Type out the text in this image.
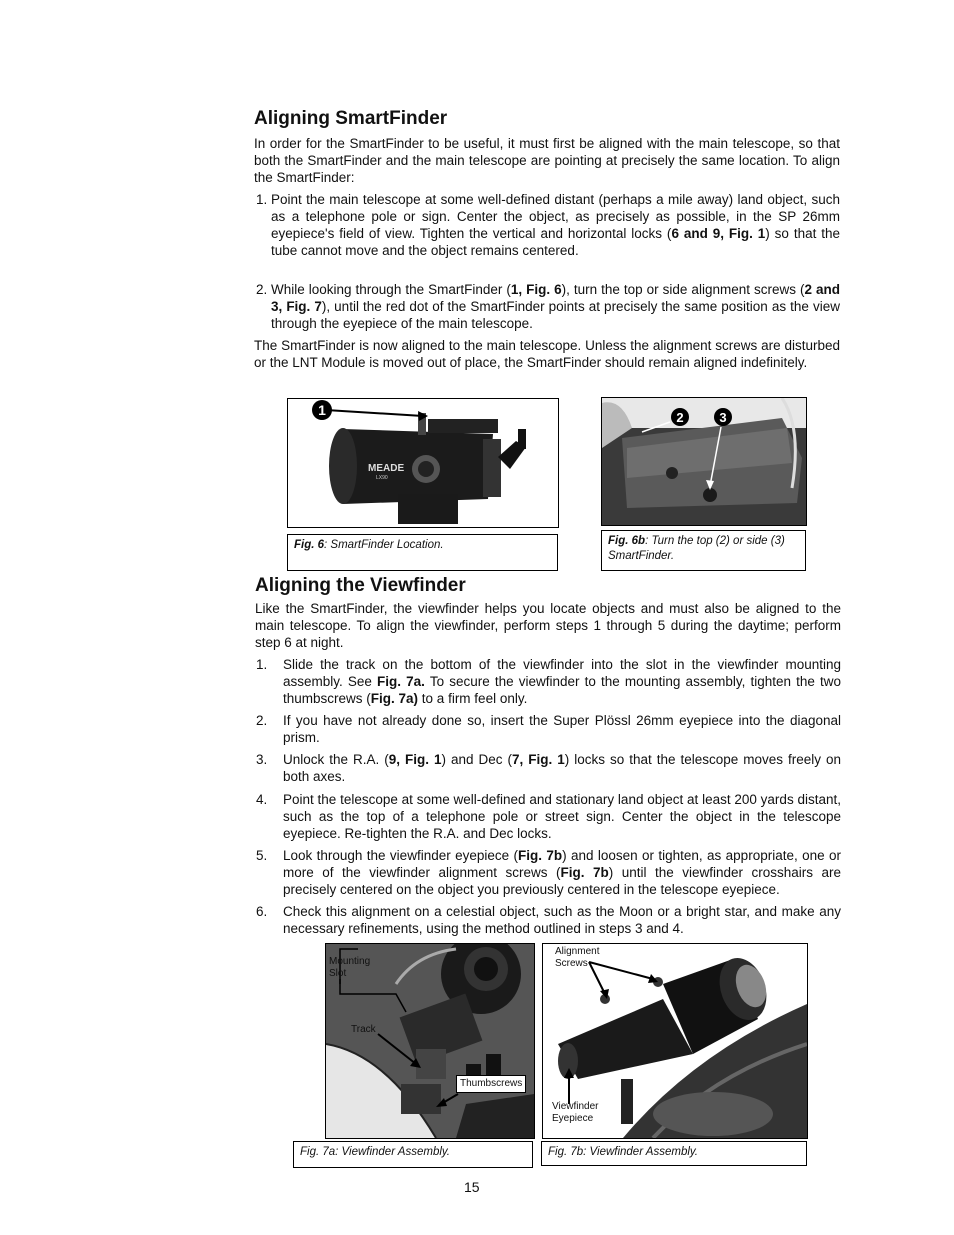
Aligning SmartFinder
In order for the SmartFinder to be useful, it must first be aligned with the main telescope, so that both the SmartFinder and the main telescope are pointing at precisely the same location. To align the SmartFinder:
1. Point the main telescope at some well-defined distant (perhaps a mile away) land object, such as a telephone pole or sign. Center the object, as precisely as possible, in the SP 26mm eyepiece's field of view. Tighten the vertical and horizontal locks (6 and 9, Fig. 1) so that the tube cannot move and the object remains centered.
2. While looking through the SmartFinder (1, Fig. 6), turn the top or side alignment screws (2 and 3, Fig. 7), until the red dot of the SmartFinder points at precisely the same position as the view through the eyepiece of the main telescope.
The SmartFinder is now aligned to the main telescope. Unless the alignment screws are disturbed or the LNT Module is moved out of place, the SmartFinder should remain aligned indefinitely.
1
MEADE
LX90
Fig. 6: SmartFinder Location.
2	3
Fig. 6b: Turn the top (2) or side (3) SmartFinder.
Aligning the Viewfinder
Like the SmartFinder, the viewfinder helps you locate objects and must also be aligned to the main telescope. To align the viewfinder, perform steps 1 through 5 during the daytime; perform step 6 at night.
1. Slide the track on the bottom of the viewfinder into the slot in the viewfinder mounting assembly. See Fig. 7a. To secure the viewfinder to the mounting assembly, tighten the two thumbscrews (Fig. 7a) to a firm feel only.
2. If you have not already done so, insert the Super Plössl 26mm eyepiece into the diagonal prism.
3. Unlock the R.A. (9, Fig. 1) and Dec (7, Fig. 1) locks so that the telescope moves freely on both axes.
4. Point the telescope at some well-defined and stationary land object at least 200 yards distant, such as the top of a telephone pole or street sign. Center the object in the telescope eyepiece. Re-tighten the R.A. and Dec locks.
5. Look through the viewfinder eyepiece (Fig. 7b) and loosen or tighten, as appropriate, one or more of the viewfinder alignment screws (Fig. 7b) until the viewfinder crosshairs are precisely centered on the object you previously centered in the telescope eyepiece.
6. Check this alignment on a celestial object, such as the Moon or a bright star, and make any necessary refinements, using the method outlined in steps 3 and 4.
Mounting Slot
Track
Thumbscrews
Fig. 7a: Viewfinder Assembly.
Alignment Screws
Viewfinder Eyepiece
Fig. 7b: Viewfinder Assembly.
15
